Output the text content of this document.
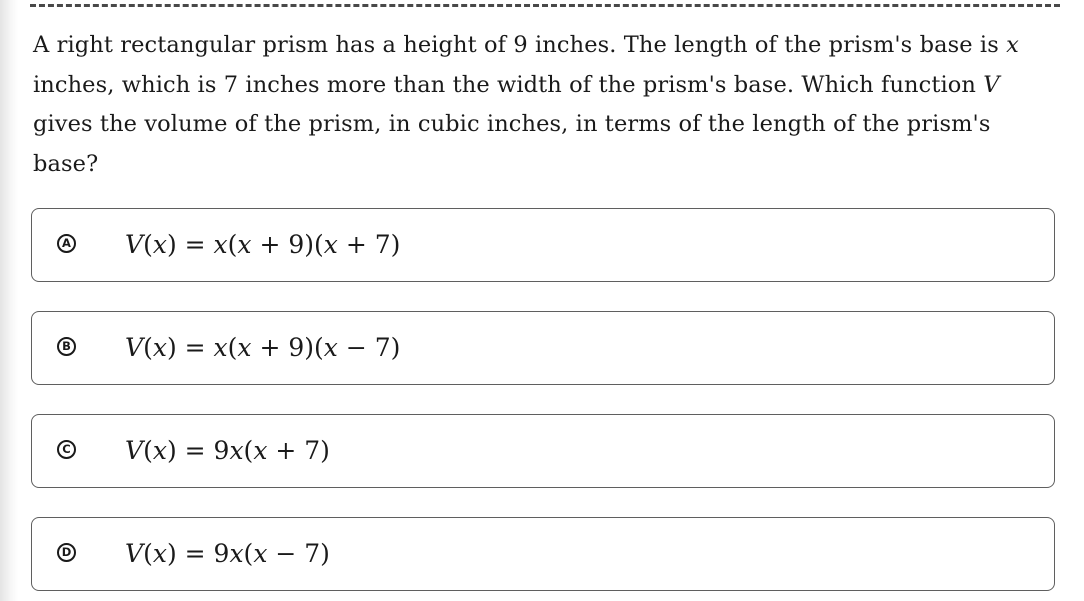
A right rectangular prism has a height of 9 inches. The length of the prism's base is x inches, which is 7 inches more than the width of the prism's base. Which function V gives the volume of the prism, in cubic inches, in terms of the length of the prism's base?
A V(x) = x(x + 9)(x + 7)
B V(x) = x(x + 9)(x − 7)
C V(x) = 9x(x + 7)
D V(x) = 9x(x − 7)
